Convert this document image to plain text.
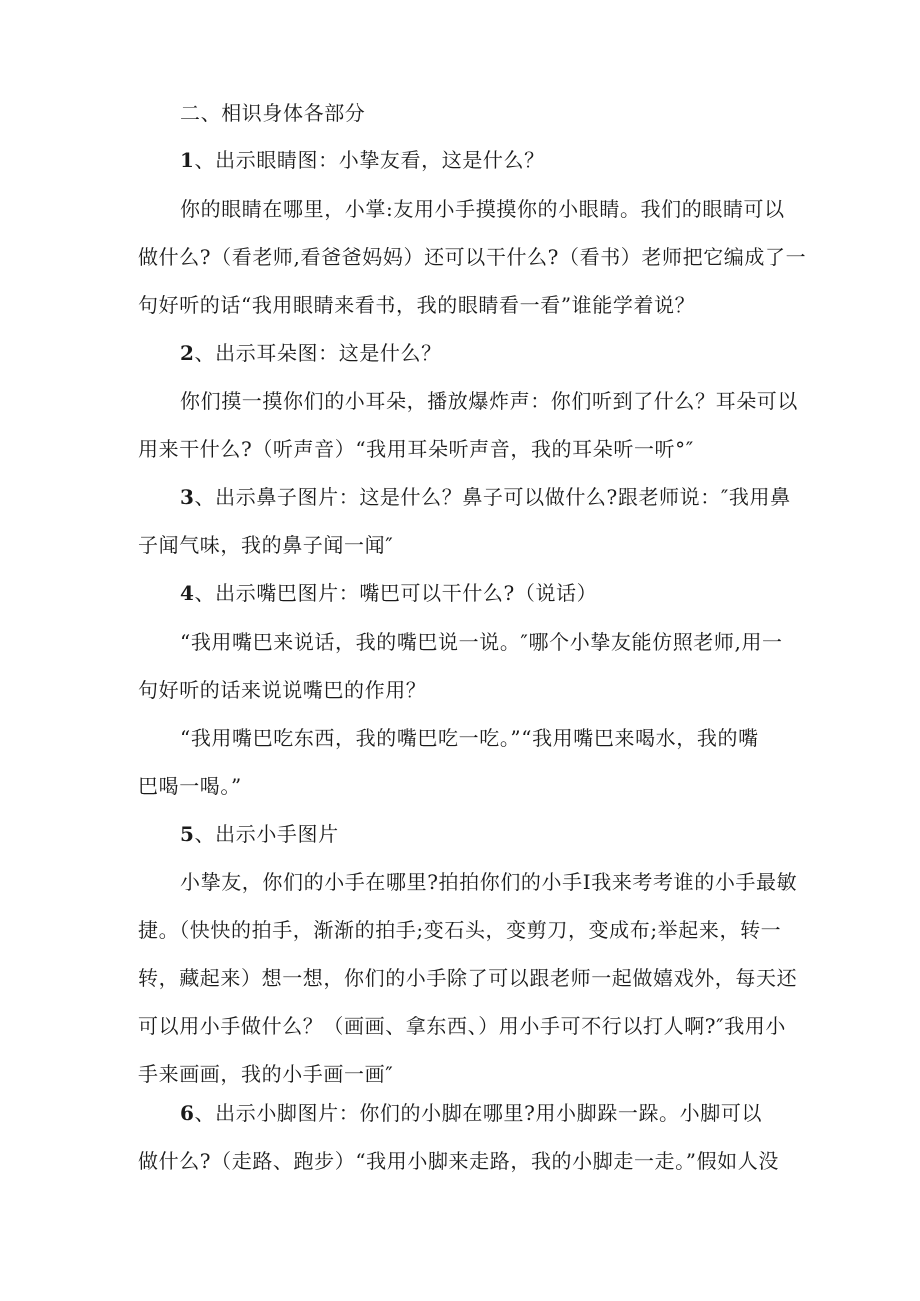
二、相识身体各部分
1、出示眼睛图：小挚友看，这是什么？
你的眼睛在哪里，小掌:友用小手摸摸你的小眼睛。我们的眼睛可以
做什么?（看老师,看爸爸妈妈）还可以干什么?（看书）老师把它编成了一
句好听的话“我用眼睛来看书，我的眼睛看一看”谁能学着说？
2、出示耳朵图：这是什么？
你们摸一摸你们的小耳朵，播放爆炸声：你们听到了什么？耳朵可以
用来干什么?（听声音）“我用耳朵听声音，我的耳朵听一听°″
3、出示鼻子图片：这是什么？鼻子可以做什么?跟老师说：″我用鼻
子闻气味，我的鼻子闻一闻″
4、出示嘴巴图片：嘴巴可以干什么?（说话）
“我用嘴巴来说话，我的嘴巴说一说。″哪个小挚友能仿照老师,用一
句好听的话来说说嘴巴的作用？
“我用嘴巴吃东西，我的嘴巴吃一吃。”“我用嘴巴来喝水，我的嘴
巴喝一喝。”
5、出示小手图片
小挚友，你们的小手在哪里?拍拍你们的小手I我来考考谁的小手最敏
捷。（快快的拍手，渐渐的拍手;变石头，变剪刀，变成布;举起来，转一
转，藏起来）想一想，你们的小手除了可以跟老师一起做嬉戏外，每天还
可以用小手做什么？（画画、拿东西、）用小手可不行以打人啊?″我用小
手来画画，我的小手画一画″
6、出示小脚图片：你们的小脚在哪里?用小脚跺一跺。小脚可以
做什么?（走路、跑步）“我用小脚来走路，我的小脚走一走。”假如人没
